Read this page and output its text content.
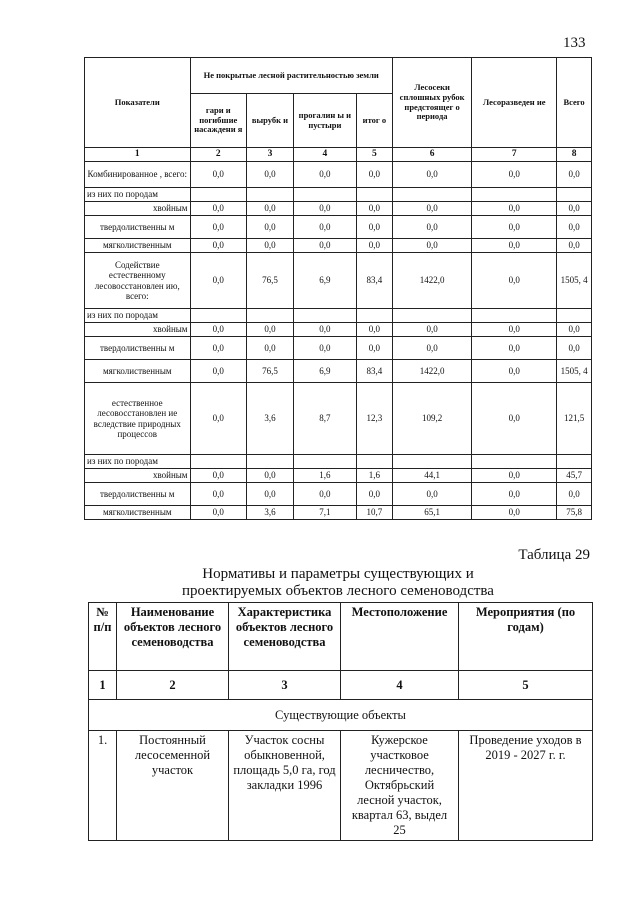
133
Показатели	Не покрытые лесной растительностью земли				Лесосеки сплошных рубок предстоящег о периода	Лесоразведен ие	Всего
	гари и погибшие насаждени я	вырубк и	прогалин ы и пустыри	итог о			
1	2	3	4	5	6	7	8
Комбинированное , всего:	0,0	0,0	0,0	0,0	0,0	0,0	0,0
из них по породам							
хвойным	0,0	0,0	0,0	0,0	0,0	0,0	0,0
твердолиственны м	0,0	0,0	0,0	0,0	0,0	0,0	0,0
мягколиственным	0,0	0,0	0,0	0,0	0,0	0,0	0,0
Содействие естественному лесовосстановлен ию, всего:	0,0	76,5	6,9	83,4	1422,0	0,0	1505, 4
из них по породам							
хвойным	0,0	0,0	0,0	0,0	0,0	0,0	0,0
твердолиственны м	0,0	0,0	0,0	0,0	0,0	0,0	0,0
мягколиственным	0,0	76,5	6,9	83,4	1422,0	0,0	1505, 4
естественное лесовосстановлен ие вследствие природных процессов	0,0	3,6	8,7	12,3	109,2	0,0	121,5
из них по породам							
хвойным	0,0	0,0	1,6	1,6	44,1	0,0	45,7
твердолиственны м	0,0	0,0	0,0	0,0	0,0	0,0	0,0
мягколиственным	0,0	3,6	7,1	10,7	65,1	0,0	75,8
Таблица 29
Нормативы и параметры существующих и
проектируемых объектов лесного семеноводства
№ п/п	Наименование объектов лесного семеноводства	Характеристика объектов лесного семеноводства	Местоположение	Мероприятия (по годам)
1	2	3	4	5
Существующие объекты				
1.	Постоянный лесосеменной участок	Участок сосны обыкновенной, площадь 5,0 га, год закладки 1996	Кужерское участковое лесничество, Октябрьский лесной участок, квартал 63, выдел 25	Проведение уходов в 2019 - 2027 г. г.
